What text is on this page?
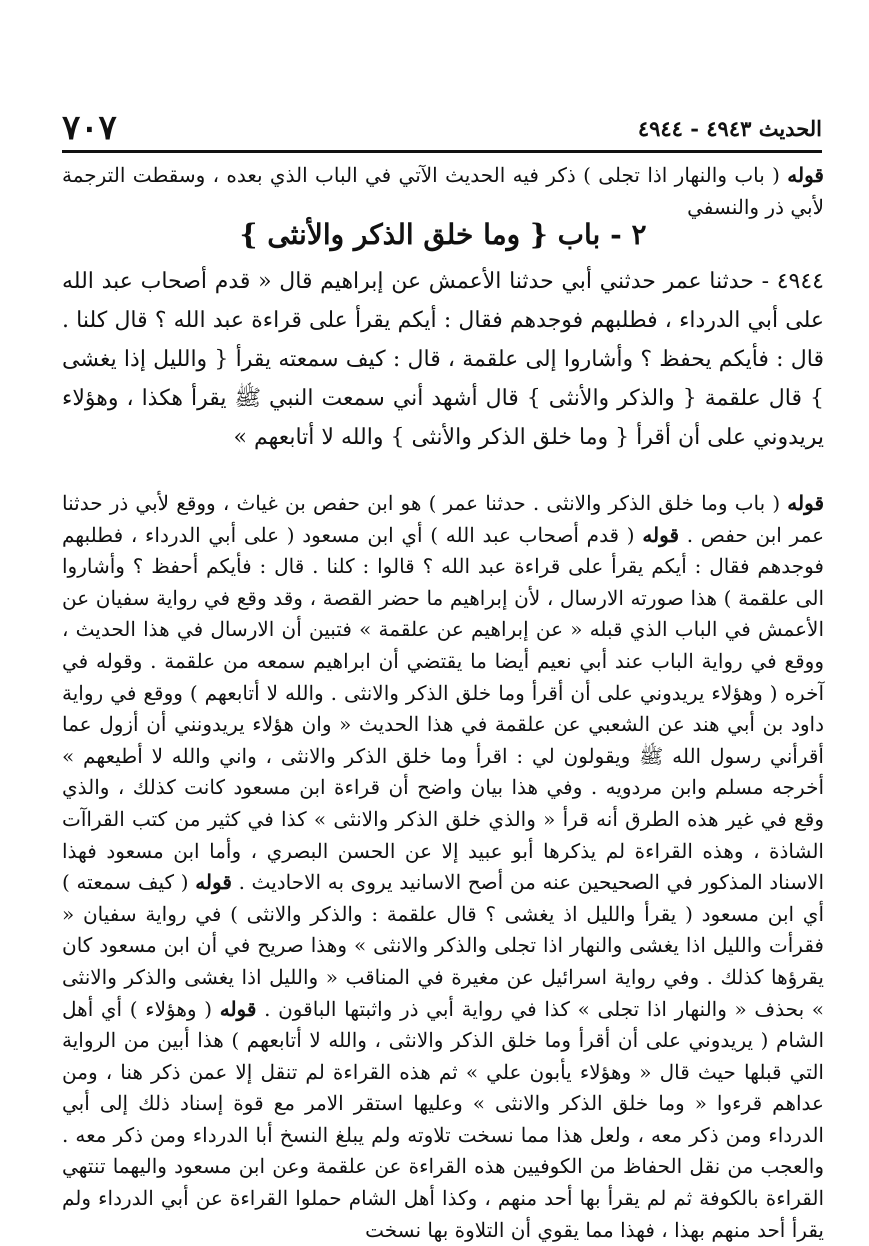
الحديث ٤٩٤٣ - ٤٩٤٤
٧٠٧

قوله ( باب والنهار اذا تجلى ) ذكر فيه الحديث الآتي في الباب الذي بعده ، وسقطت الترجمة لأبي ذر والنسفي

٢ - باب { وما خلق الذكر والأنثى }

٤٩٤٤ - حدثنا عمر حدثني أبي حدثنا الأعمش عن إبراهيم قال « قدم أصحاب عبد الله على أبي الدرداء ، فطلبهم فوجدهم فقال : أيكم يقرأ على قراءة عبد الله ؟ قال كلنا . قال : فأيكم يحفظ ؟ وأشاروا إلى علقمة ، قال : كيف سمعته يقرأ { والليل إذا يغشى } قال علقمة { والذكر والأنثى } قال أشهد أني سمعت النبي ﷺ يقرأ هكذا ، وهؤلاء يريدوني على أن أقرأ { وما خلق الذكر والأنثى } والله لا أتابعهم »

قوله ( باب وما خلق الذكر والانثى . حدثنا عمر ) هو ابن حفص بن غياث ، ووقع لأبي ذر حدثنا عمر ابن حفص . قوله ( قدم أصحاب عبد الله ) أي ابن مسعود ( على أبي الدرداء ، فطلبهم فوجدهم فقال : أيكم يقرأ على قراءة عبد الله ؟ قالوا : كلنا . قال : فأيكم أحفظ ؟ وأشاروا الى علقمة ) هذا صورته الارسال ، لأن إبراهيم ما حضر القصة ، وقد وقع في رواية سفيان عن الأعمش في الباب الذي قبله « عن إبراهيم عن علقمة » فتبين أن الارسال في هذا الحديث ، ووقع في رواية الباب عند أبي نعيم أيضا ما يقتضي أن ابراهيم سمعه من علقمة . وقوله في آخره ( وهؤلاء يريدوني على أن أقرأ وما خلق الذكر والانثى . والله لا أتابعهم ) ووقع في رواية داود بن أبي هند عن الشعبي عن علقمة في هذا الحديث « وان هؤلاء يريدونني أن أزول عما أقرأني رسول الله ﷺ ويقولون لي : اقرأ وما خلق الذكر والانثى ، واني والله لا أطيعهم » أخرجه مسلم وابن مردويه . وفي هذا بيان واضح أن قراءة ابن مسعود كانت كذلك ، والذي وقع في غير هذه الطرق أنه قرأ « والذي خلق الذكر والانثى » كذا في كثير من كتب القراآت الشاذة ، وهذه القراءة لم يذكرها أبو عبيد إلا عن الحسن البصري ، وأما ابن مسعود فهذا الاسناد المذكور في الصحيحين عنه من أصح الاسانيد يروى به الاحاديث . قوله ( كيف سمعته ) أي ابن مسعود ( يقرأ والليل اذ يغشى ؟ قال علقمة : والذكر والانثى ) في رواية سفيان « فقرأت والليل اذا يغشى والنهار اذا تجلى والذكر والانثى » وهذا صريح في أن ابن مسعود كان يقرؤها كذلك . وفي رواية اسرائيل عن مغيرة في المناقب « والليل اذا يغشى والذكر والانثى » بحذف « والنهار اذا تجلى » كذا في رواية أبي ذر واثبتها الباقون . قوله ( وهؤلاء ) أي أهل الشام ( يريدوني على أن أقرأ وما خلق الذكر والانثى ، والله لا أتابعهم ) هذا أبين من الرواية التي قبلها حيث قال « وهؤلاء يأبون علي » ثم هذه القراءة لم تنقل إلا عمن ذكر هنا ، ومن عداهم قرءوا « وما خلق الذكر والانثى » وعليها استقر الامر مع قوة إسناد ذلك إلى أبي الدرداء ومن ذكر معه ، ولعل هذا مما نسخت تلاوته ولم يبلغ النسخ أبا الدرداء ومن ذكر معه . والعجب من نقل الحفاظ من الكوفيين هذه القراءة عن علقمة وعن ابن مسعود واليهما تنتهي القراءة بالكوفة ثم لم يقرأ بها أحد منهم ، وكذا أهل الشام حملوا القراءة عن أبي الدرداء ولم يقرأ أحد منهم بهذا ، فهذا مما يقوي أن التلاوة بها نسخت
